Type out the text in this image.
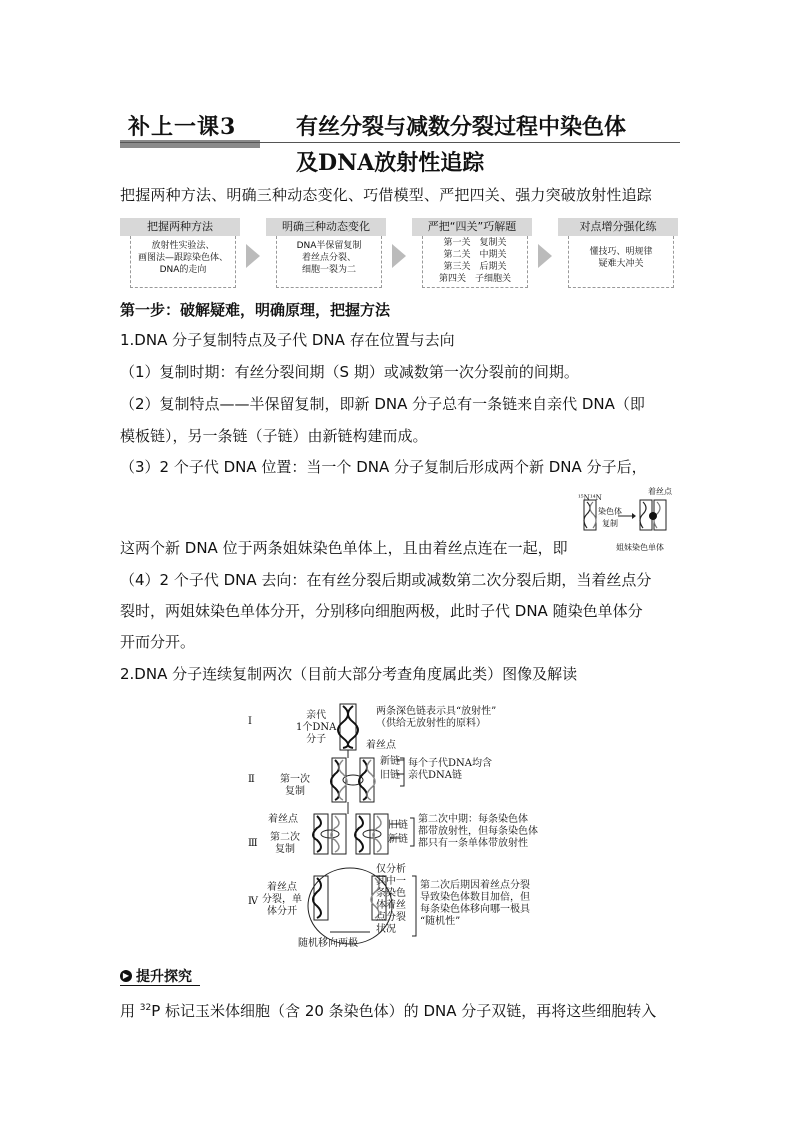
补上一课3	有丝分裂与减数分裂过程中染色体
及DNA放射性追踪
把握两种方法、明确三种动态变化、巧借模型、严把四关、强力突破放射性追踪
把握两种方法
放射性实验法、
画图法—跟踪染色体、
DNA的走向
明确三种动态变化
DNA半保留复制
着丝点分裂、
细胞一裂为二
严把“四关”巧解题
第一关　复制关
第二关　中期关
第三关　后期关
第四关　子细胞关
对点增分强化练
懂技巧、明规律
疑难大冲关
第一步：破解疑难，明确原理，把握方法
1.DNA 分子复制特点及子代 DNA 存在位置与去向
（1）复制时期：有丝分裂间期（S 期）或减数第一次分裂前的间期。
（2）复制特点——半保留复制，即新 DNA 分子总有一条链来自亲代 DNA（即
模板链），另一条链（子链）由新链构建而成。
（3）2 个子代 DNA 位置：当一个 DNA 分子复制后形成两个新 DNA 分子后，
这两个新 DNA 位于两条姐妹染色单体上，且由着丝点连在一起，即
¹⁵N ¹⁴N
染色体
复制
着丝点
姐妹染色单体
（4）2 个子代 DNA 去向：在有丝分裂后期或减数第二次分裂后期，当着丝点分
裂时，两姐妹染色单体分开，分别移向细胞两极，此时子代 DNA 随染色单体分
开而分开。
2.DNA 分子连续复制两次（目前大部分考查角度属此类）图像及解读
Ⅰ
Ⅱ
Ⅲ
Ⅳ
亲代
1个DNA
分子
两条深色链表示具“放射性”
（供给无放射性的原料）
着丝点
新链
旧链
每个子代DNA均含
亲代DNA链
第一次
复制
着丝点
第二次
复制
旧链
新链
第二次中期：每条染色体
都带放射性，但每条染色体
都只有一条单体带放射性
着丝点
分裂，单
体分开
仅分析
其中一
条染色
体着丝
点分裂
状况
第二次后期因着丝点分裂
导致染色体数目加倍，但
每条染色体移向哪一极具
“随机性”
随机移向两极
▶ 提升探究
用 $^{32}$P 标记玉米体细胞（含 20 条染色体）的 DNA 分子双链，再将这些细胞转入
